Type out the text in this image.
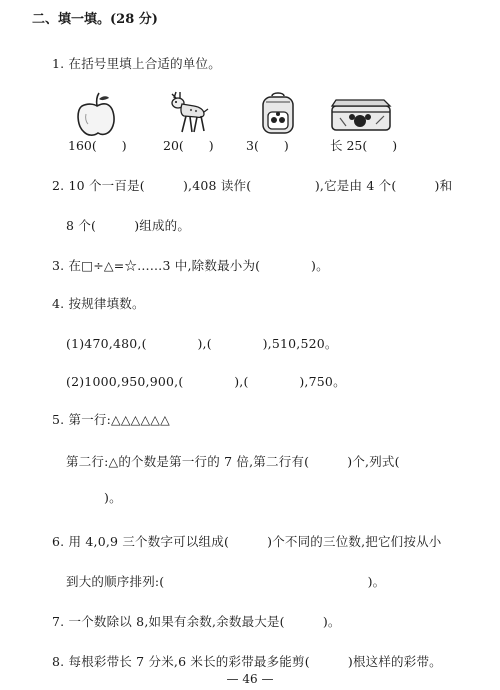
二、填一填。(28 分)
1. 在括号里填上合适的单位。
160(　　)	20(　　)	3(　　)	长 25(　　)
2. 10 个一百是(　　　),408 读作(　　　　　),它是由 4 个(　　　)和
8 个(　　　)组成的。
3. 在□÷△=☆……3 中,除数最小为(　　　　)。
4. 按规律填数。
(1)470,480,(　　　　),(　　　　),510,520。
(2)1000,950,900,(　　　　),(　　　　),750。
5. 第一行:△△△△△△
第二行:△的个数是第一行的 7 倍,第二行有(　　　)个,列式(
)。
6. 用 4,0,9 三个数字可以组成(　　　)个不同的三位数,把它们按从小
到大的顺序排列:(　　　　　　　　　　　　　　　　)。
7. 一个数除以 8,如果有余数,余数最大是(　　　)。
8. 每根彩带长 7 分米,6 米长的彩带最多能剪(　　　)根这样的彩带。
— 46 —
